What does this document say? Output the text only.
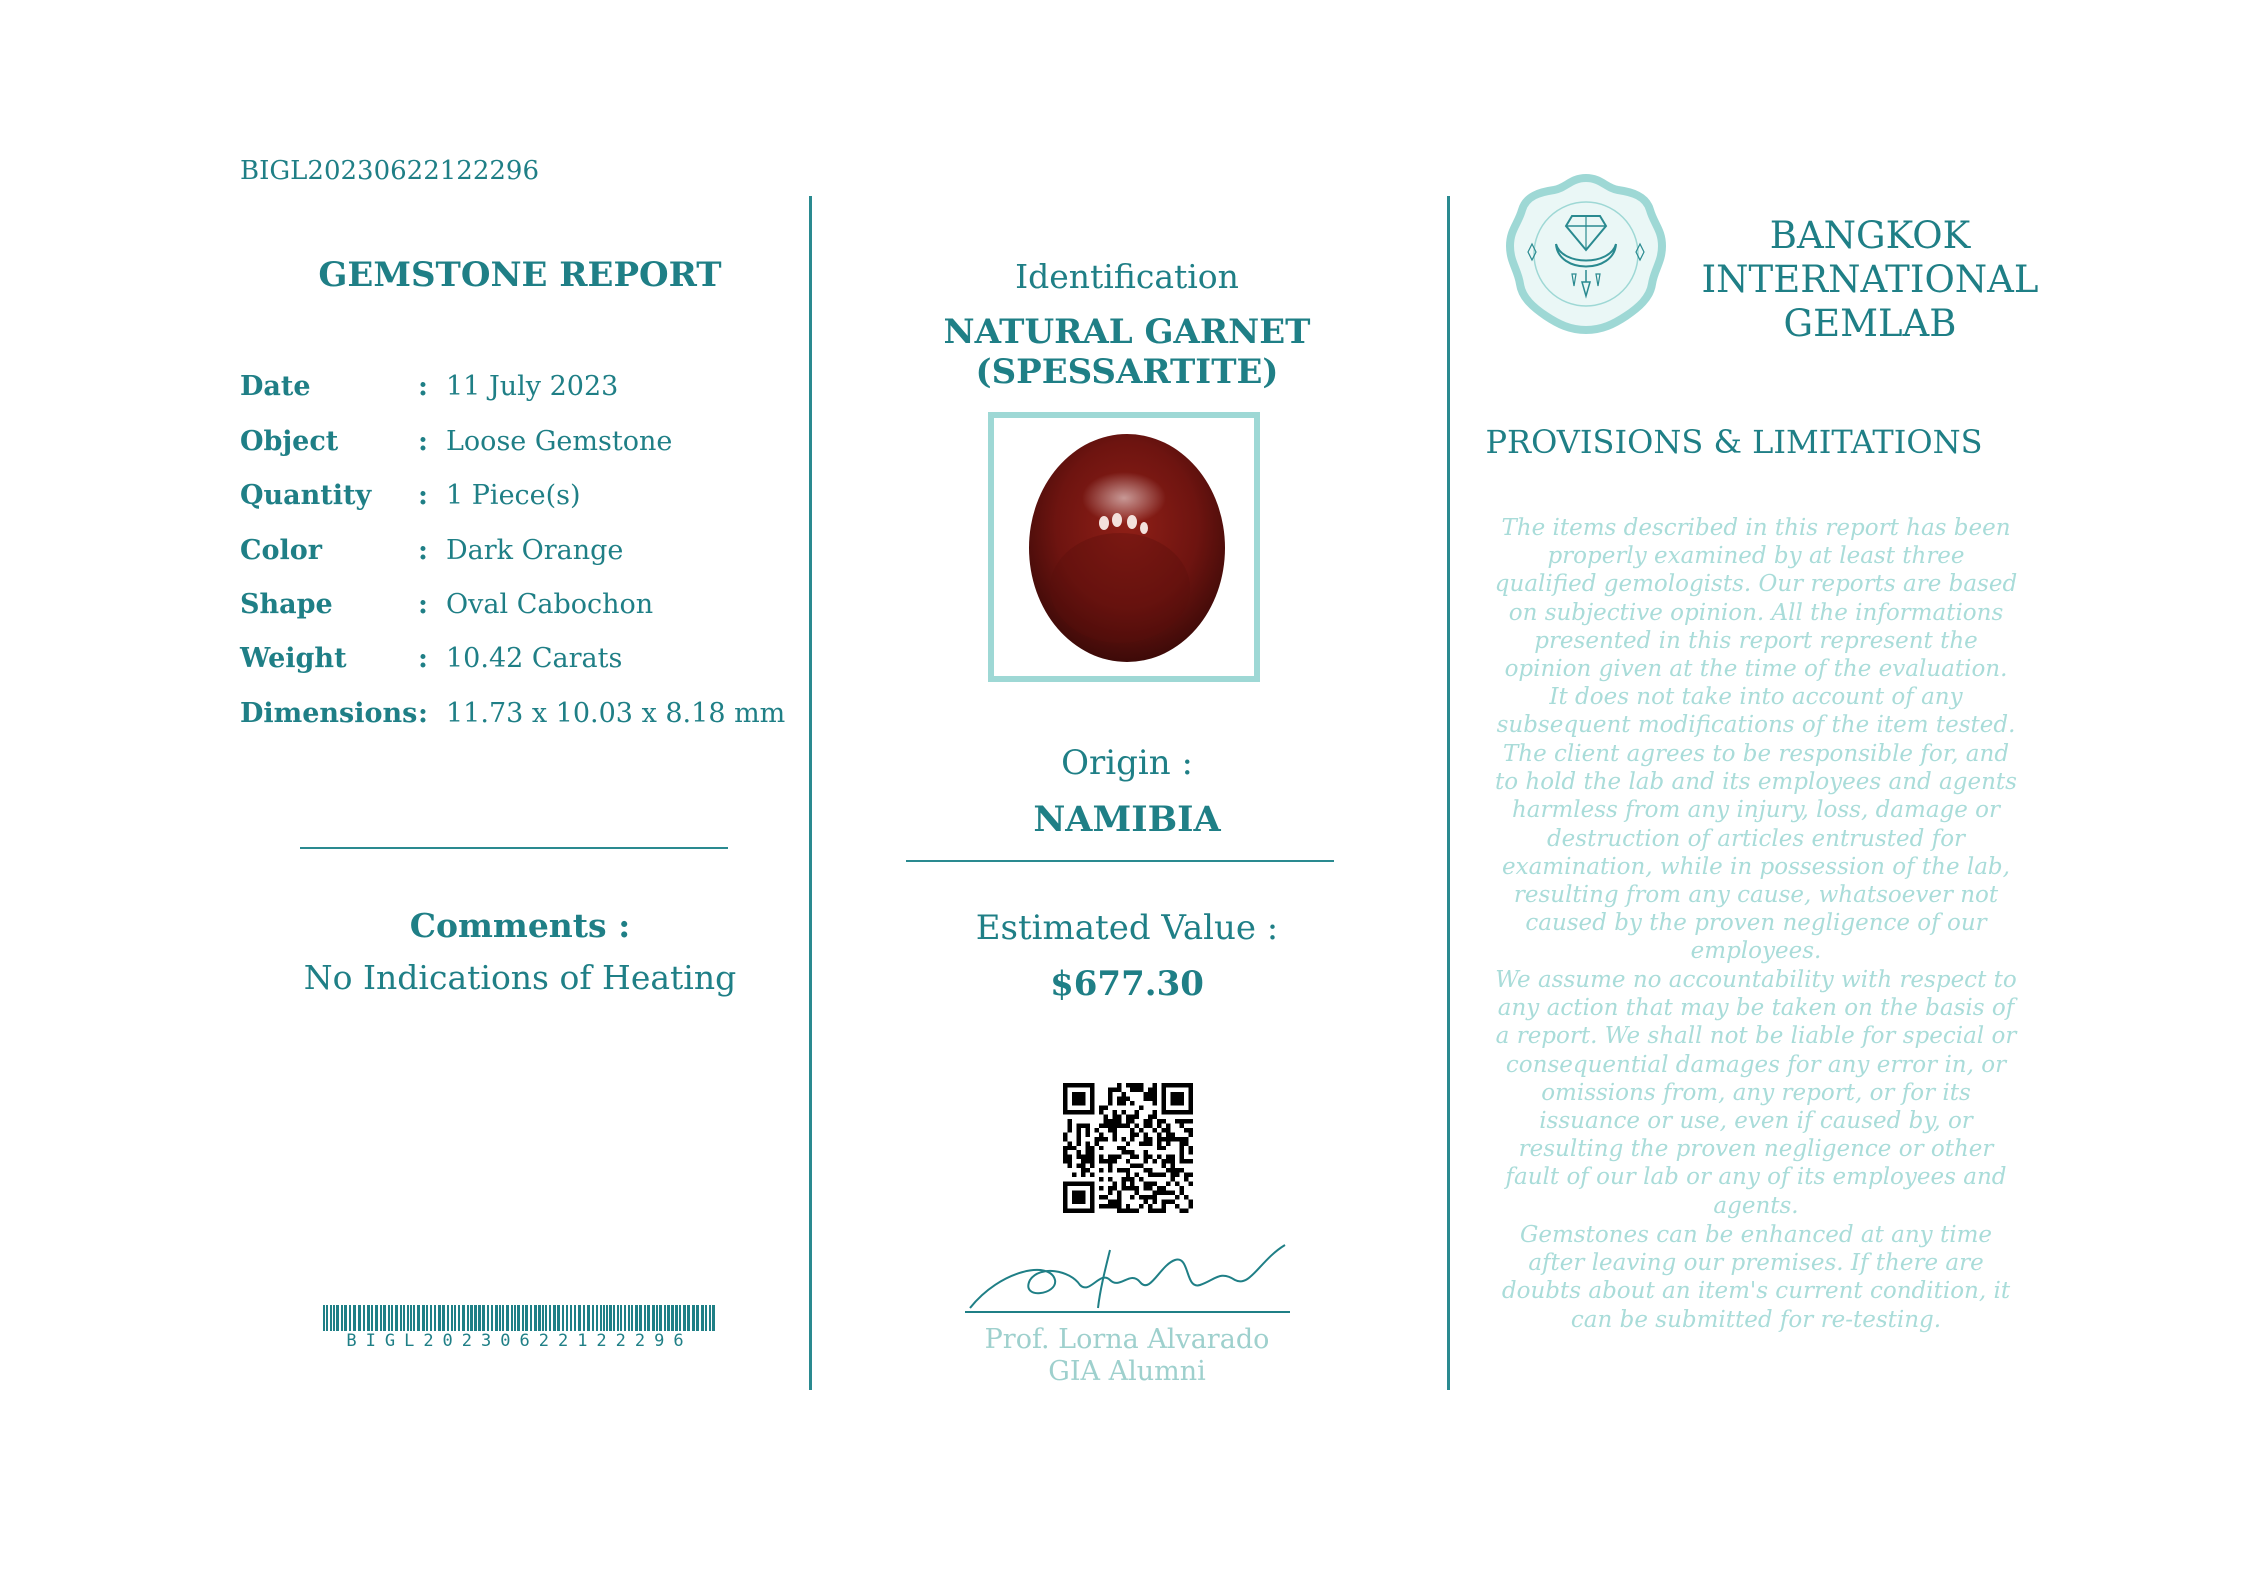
BIGL20230622122296
GEMSTONE REPORT
Date	: 11 July 2023
Object	: Loose Gemstone
Quantity : 1 Piece(s)
Color	: Dark Orange
Shape	: Oval Cabochon
Weight	: 10.42 Carats
Dimensions : 11.73 x 10.03 x 8.18 mm
Comments :
No Indications of Heating
BIGL20230622122296
Identification
NATURAL GARNET (SPESSARTITE)
Origin :
NAMIBIA
Estimated Value :
$677.30
Prof. Lorna Alvarado
GIA Alumni
BANGKOK
INTERNATIONAL
GEMLAB
PROVISIONS & LIMITATIONS
The items described in this report has been properly examined by at least three qualified gemologists. Our reports are based on subjective opinion. All the informations presented in this report represent the opinion given at the time of the evaluation. It does not take into account of any subsequent modifications of the item tested.
The client agrees to be responsible for, and to hold the lab and its employees and agents harmless from any injury, loss, damage or destruction of articles entrusted for examination, while in possession of the lab, resulting from any cause, whatsoever not caused by the proven negligence of our employees.
We assume no accountability with respect to any action that may be taken on the basis of a report. We shall not be liable for special or consequential damages for any error in, or omissions from, any report, or for its issuance or use, even if caused by, or resulting the proven negligence or other fault of our lab or any of its employees and agents.
Gemstones can be enhanced at any time after leaving our premises. If there are doubts about an item's current condition, it can be submitted for re-testing.
